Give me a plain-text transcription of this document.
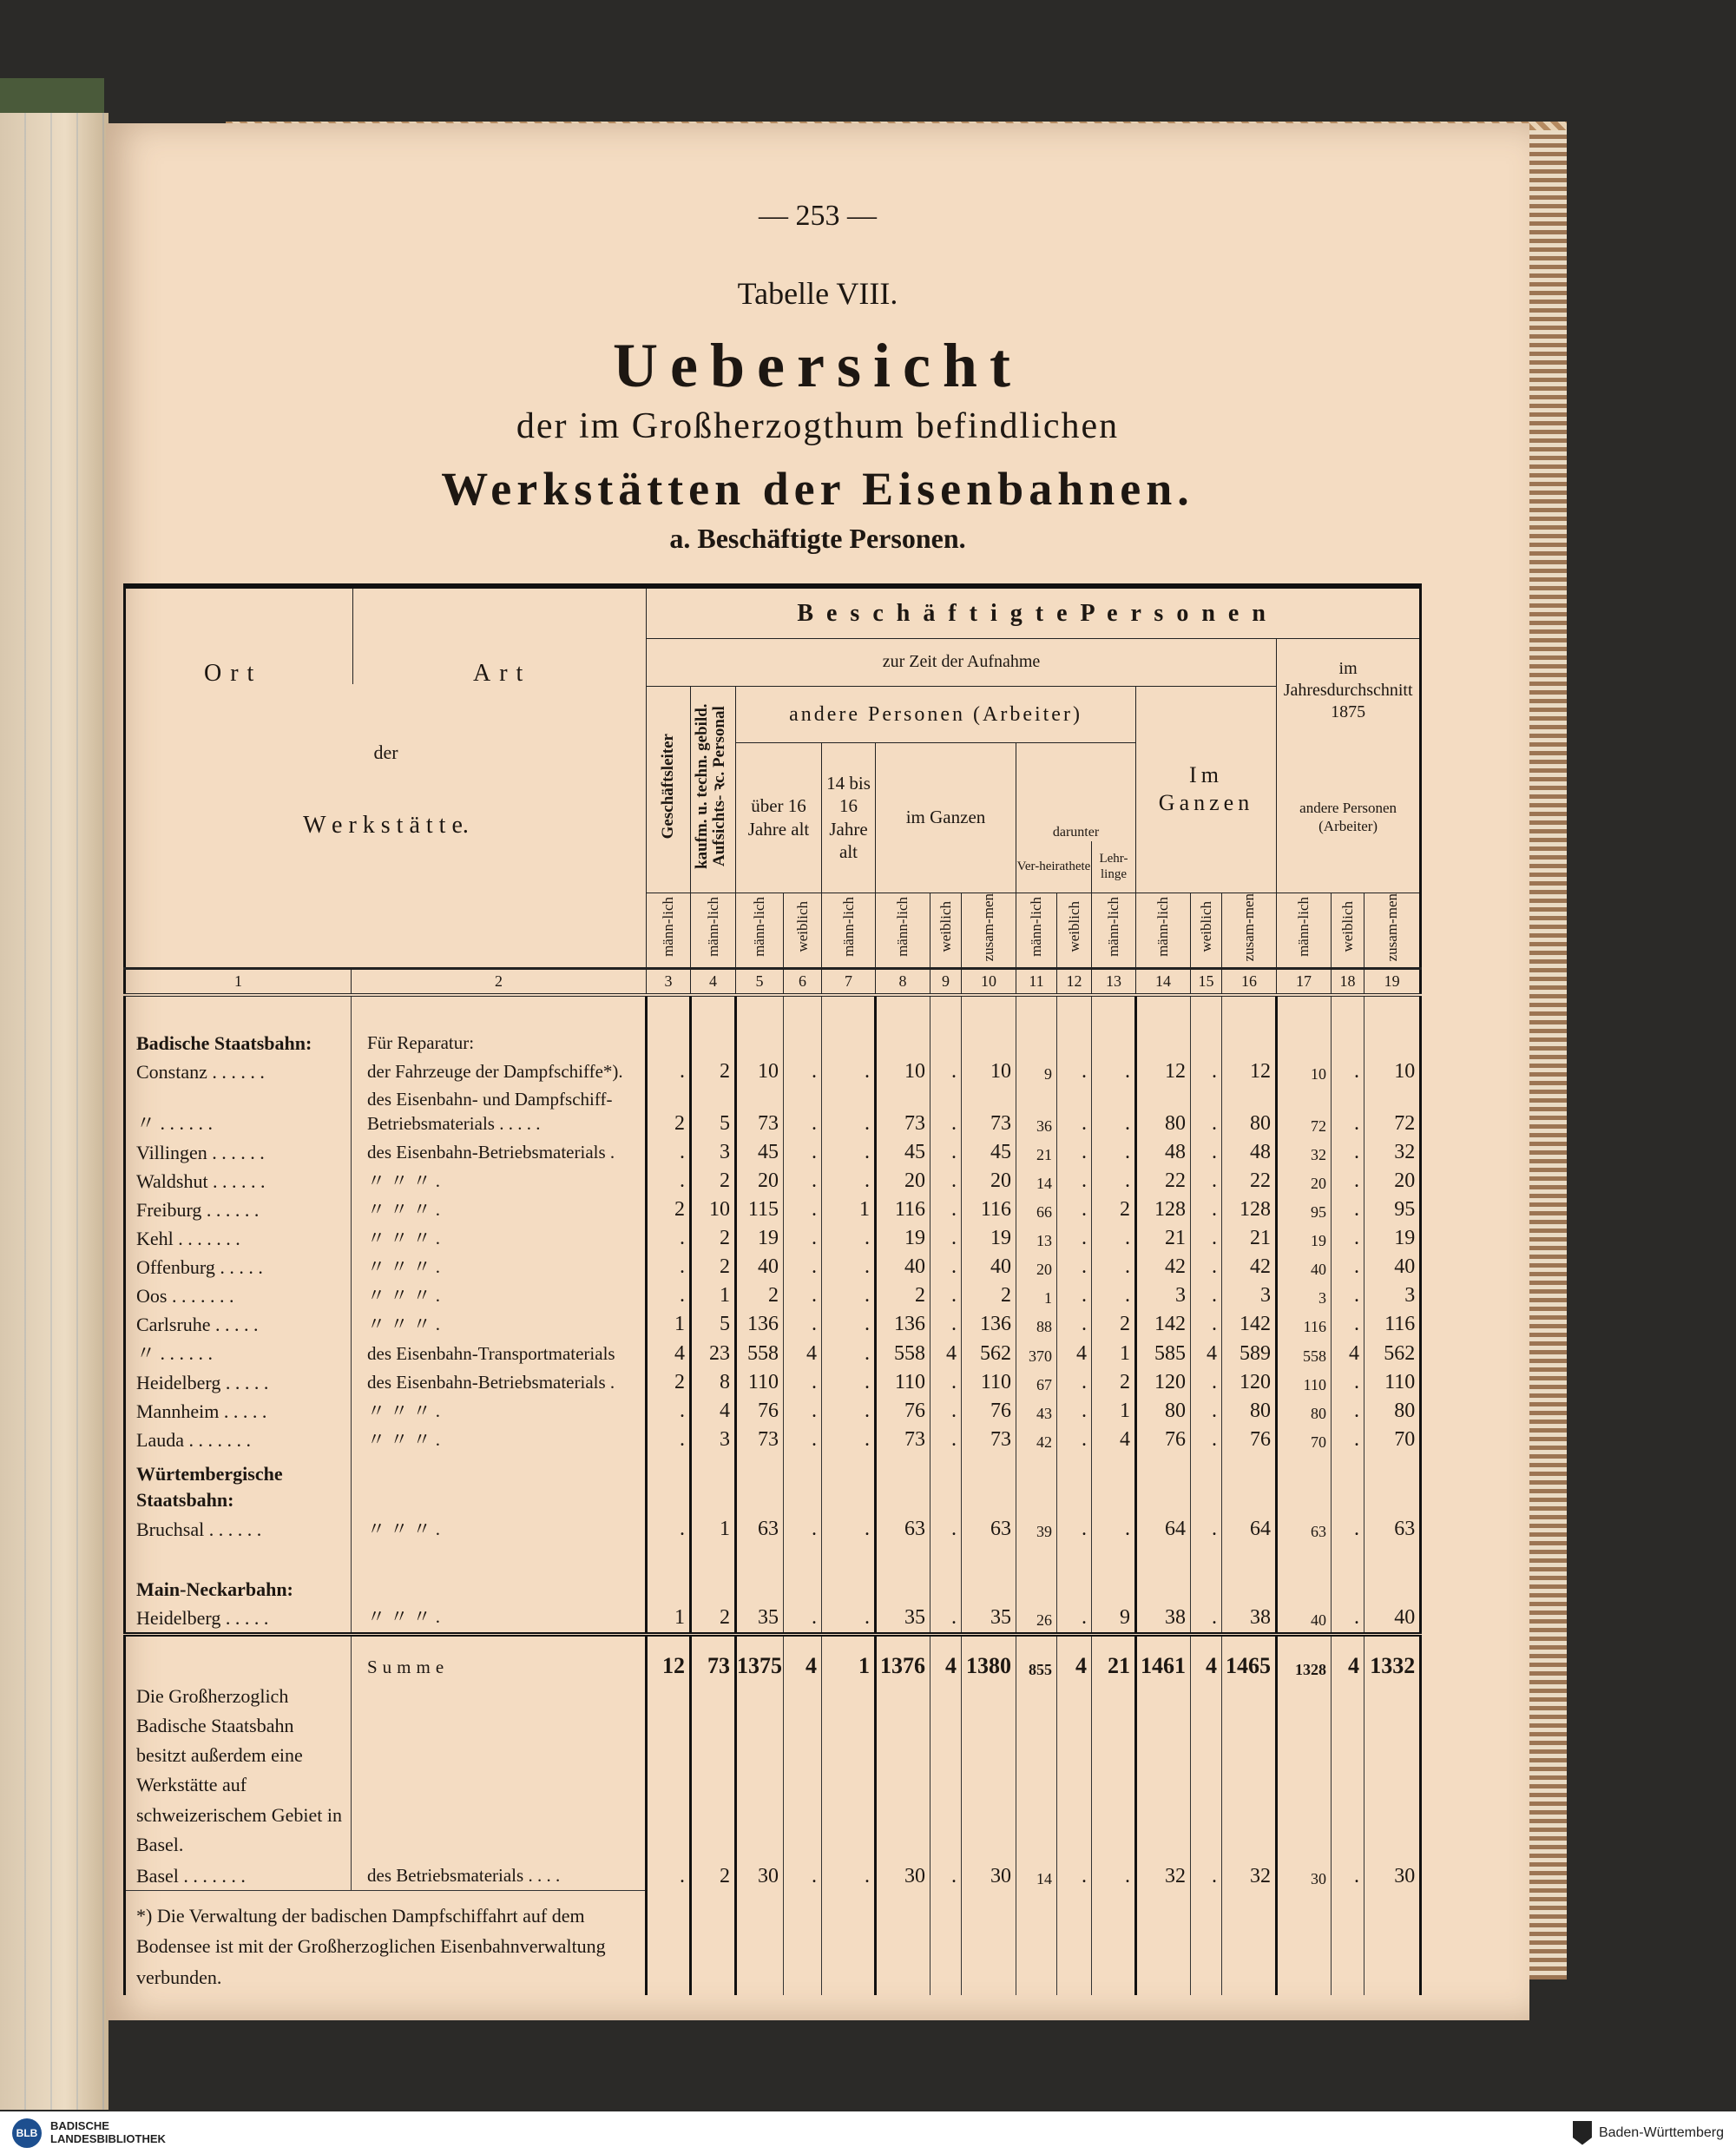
— 253 —
Tabelle VIII.
Uebersicht
der im Großherzogthum befindlichen
Werkstätten der Eisenbahnen.
a. Beschäftigte Personen.
Ort Art
der
W e r k s t ä t t e.		B e s c h ä f t i g t e P e r s o n e n																
		zur Zeit der Aufnahme														im Jahresdurchschnitt 1875		
		Geschäftsleiter	kaufm. u. techn. gebild. Aufsichts- ꝛc. Personal	andere Personen (Arbeiter)									Im Ganzen					
				über 16 Jahre alt		14 bis 16 Jahre alt	im Ganzen			darunter						andere Personen (Arbeiter)		
										Ver-heirathete		Lehr-linge						
		männ-lich	männ-lich	männ-lich	weiblich	männ-lich	männ-lich	weiblich	zusam-men	männ-lich	weiblich	männ-lich	männ-lich	weiblich	zusam-men	männ-lich	weiblich	zusam-men
1	2	3	4	5	6	7	8	9	10	11	12	13	14	15	16	17	18	19

Badische Staatsbahn:	Für Reparatur:																	
Constanz . . . . . .	der Fahrzeuge der Dampfschiffe*).	.	2	10	.	.	10	.	10	9	.	.	12	.	12	10	.	10
〃 . . . . . .	des Eisenbahn- und Dampfschiff-Betriebsmaterials . . . . .	2	5	73	.	.	73	.	73	36	.	.	80	.	80	72	.	72
Villingen . . . . . .	des Eisenbahn-Betriebsmaterials .	.	3	45	.	.	45	.	45	21	.	.	48	.	48	32	.	32
Waldshut . . . . . .	〃 〃 〃 .	.	2	20	.	.	20	.	20	14	.	.	22	.	22	20	.	20
Freiburg . . . . . .	〃 〃 〃 .	2	10	115	.	1	116	.	116	66	.	2	128	.	128	95	.	95
Kehl . . . . . . .	〃 〃 〃 .	.	2	19	.	.	19	.	19	13	.	.	21	.	21	19	.	19
Offenburg . . . . .	〃 〃 〃 .	.	2	40	.	.	40	.	40	20	.	.	42	.	42	40	.	40
Oos . . . . . . .	〃 〃 〃 .	.	1	2	.	.	2	.	2	1	.	.	3	.	3	3	.	3
Carlsruhe . . . . .	〃 〃 〃 .	1	5	136	.	.	136	.	136	88	.	2	142	.	142	116	.	116
〃 . . . . . .	des Eisenbahn-Transportmaterials	4	23	558	4	.	558	4	562	370	4	1	585	4	589	558	4	562
Heidelberg . . . . .	des Eisenbahn-Betriebsmaterials .	2	8	110	.	.	110	.	110	67	.	2	120	.	120	110	.	110
Mannheim . . . . .	〃 〃 〃 .	.	4	76	.	.	76	.	76	43	.	1	80	.	80	80	.	80
Lauda . . . . . . .	〃 〃 〃 .	.	3	73	.	.	73	.	73	42	.	4	76	.	76	70	.	70
Würtembergische Staatsbahn:																		
Bruchsal . . . . . .	〃 〃 〃 .	.	1	63	.	.	63	.	63	39	.	.	64	.	64	63	.	63
Main-Neckarbahn:																		
Heidelberg . . . . .	〃 〃 〃 .	1	2	35	.	.	35	.	35	26	.	9	38	.	38	40	.	40
	Summe	12	73	1375	4	1	1376	4	1380	855	4	21	1461	4	1465	1328	4	1332
Die Großherzoglich Badische Staatsbahn besitzt außerdem eine Werkstätte auf schweizerischem Gebiet in Basel.																		
Basel . . . . . . .	des Betriebsmaterials . . . .	.	2	30	.	.	30	.	30	14	.	.	32	.	32	30	.	30
*) Die Verwaltung der badischen Dampfschiffahrt auf dem Bodensee ist mit der Großherzoglichen Eisenbahnverwaltung verbunden.																		
BLB
BADISCHE
LANDESBIBLIOTHEK	Baden-Württemberg
